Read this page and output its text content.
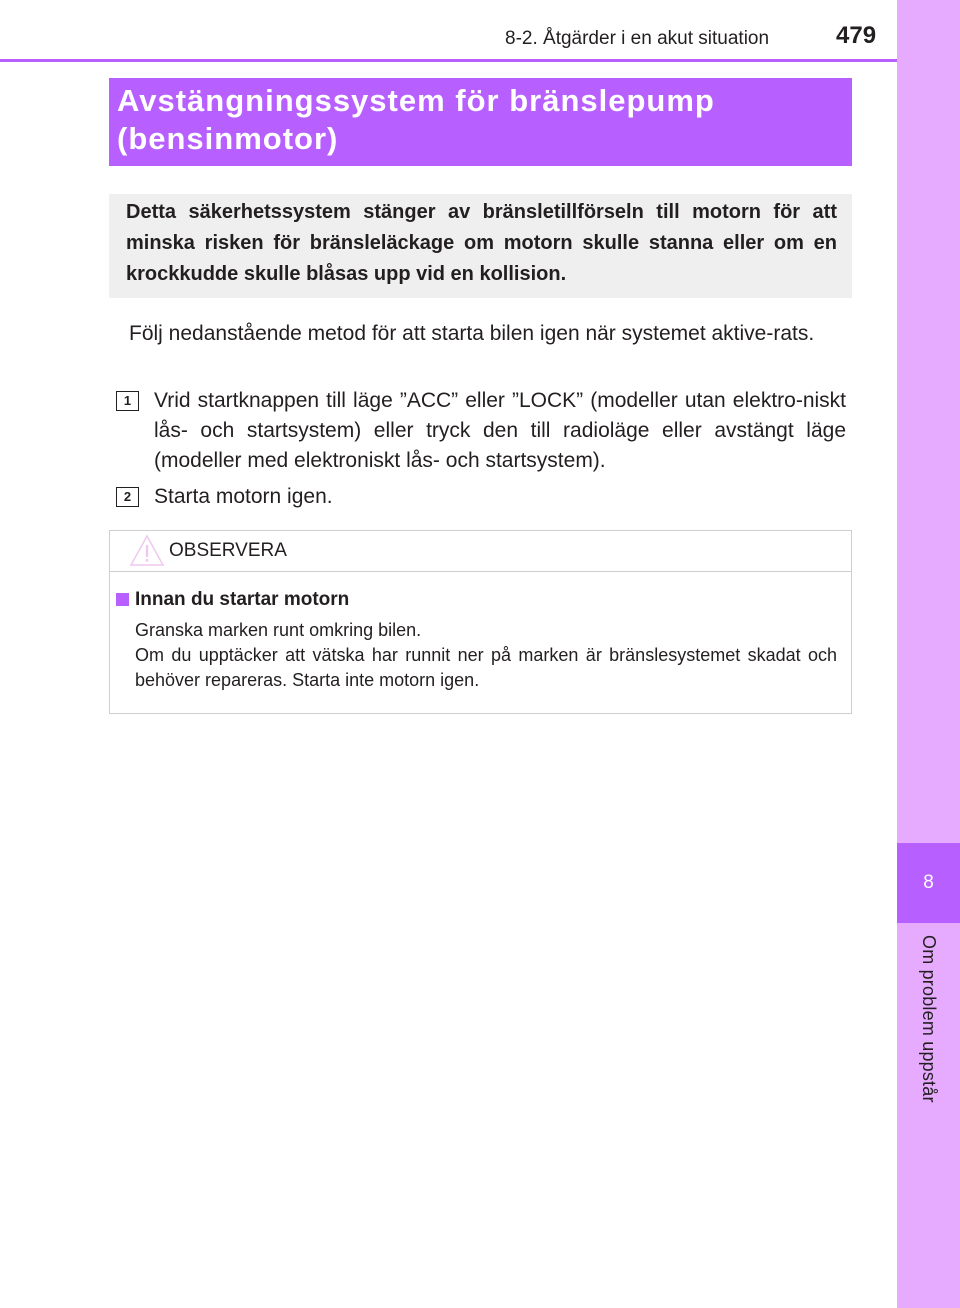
8-2. Åtgärder i en akut situation	479
8
Om problem uppstår
Avstängningssystem för bränslepump
(bensinmotor)
Detta säkerhetssystem stänger av bränsletillförseln till motorn för att minska risken för bränsleläckage om motorn skulle stanna eller om en krockkudde skulle blåsas upp vid en kollision.
Följ nedanstående metod för att starta bilen igen när systemet aktive-rats.
1	Vrid startknappen till läge ”ACC” eller ”LOCK” (modeller utan elektro-niskt lås- och startsystem) eller tryck den till radioläge eller avstängt läge (modeller med elektroniskt lås- och startsystem).
2	Starta motorn igen.
OBSERVERA
Innan du startar motorn
Granska marken runt omkring bilen.
Om du upptäcker att vätska har runnit ner på marken är bränslesystemet skadat och behöver repareras. Starta inte motorn igen.
